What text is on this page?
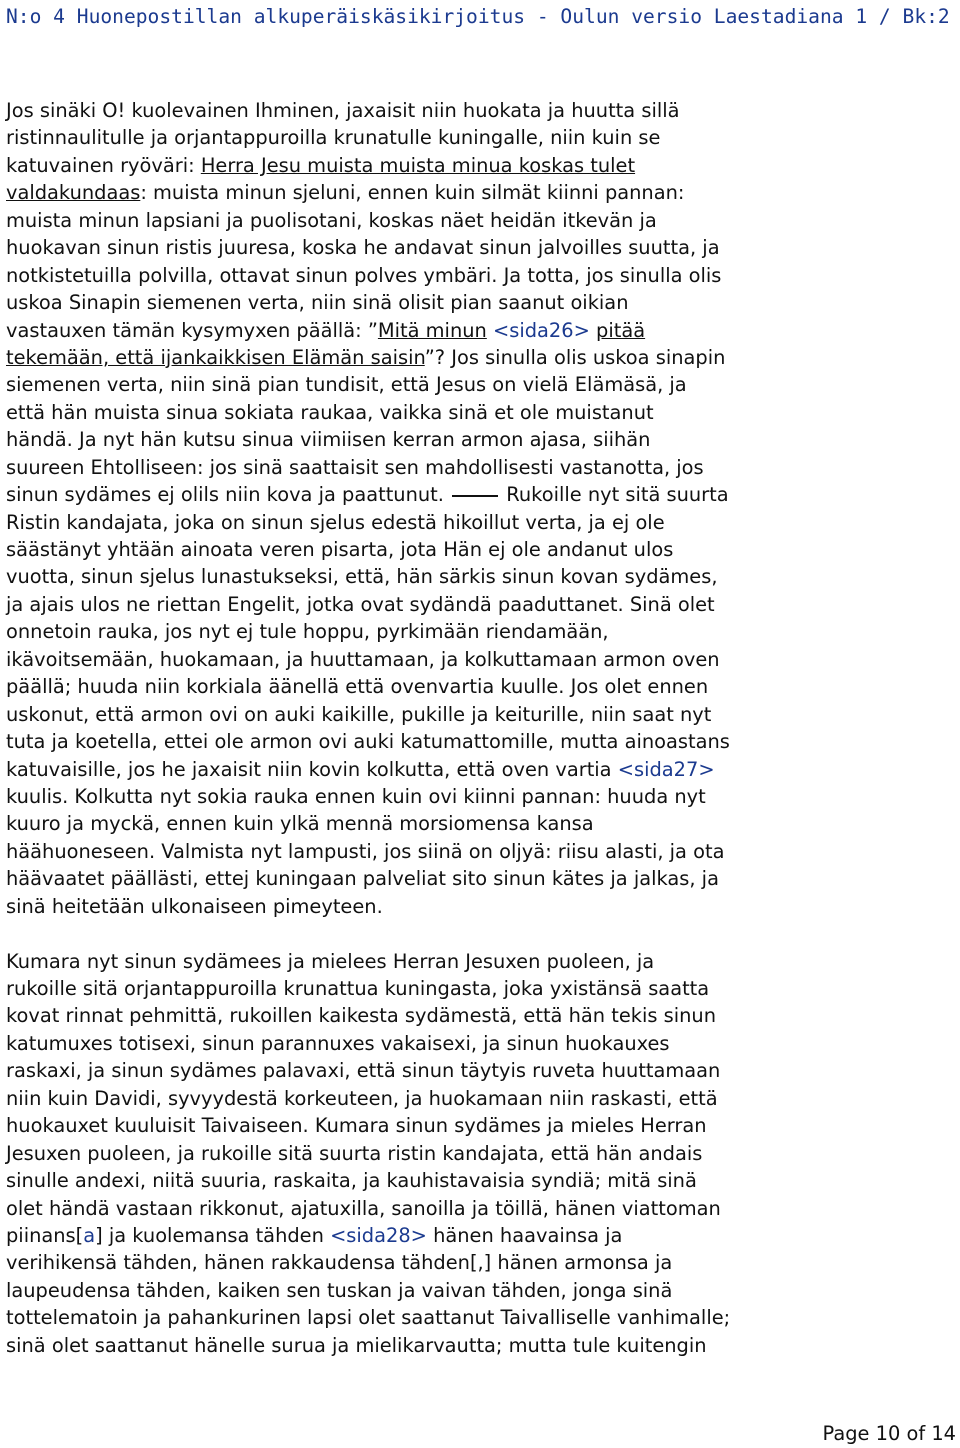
N:o 4 Huonepostillan alkuperäiskäsikirjoitus - Oulun versio Laestadiana 1 / Bk:2
Jos sinäki O! kuolevainen Ihminen, jaxaisit niin huokata ja huutta sillä
ristinnaulitulle ja orjantappuroilla krunatulle kuningalle, niin kuin se
katuvainen ryövärі: Herra Jesu muista muista minua koskas tulet
valdakundaas: muista minun sjeluni, ennen kuin silmät kiinni pannan:
muista minun lapsiani ja puolisotani, koskas näet heidän itkevän ja
huokavan sinun ristis juuresa, koska he andavat sinun jalvoilles suutta, ja
notkistetuilla polvilla, ottavat sinun polves ymbäri. Ja totta, jos sinulla olis
uskoa Sinapin siemenen verta, niin sinä olisit pian saanut oikian
vastauxen tämän kysymyxen päällä: ”Mitä minun <sida26> pitää
tekemään, että ijankaikkisen Elämän saisin”? Jos sinulla olis uskoa sinapin
siemenen verta, niin sinä pian tundisit, että Jesus on vielä Elämäsä, ja
että hän muista sinua sokiata raukaa, vaikka sinä et ole muistanut
händä. Ja nyt hän kutsu sinua viimiisen kerran armon ajasa, siihän
suureen Ehtolliseen: jos sinä saattaisit sen mahdollisesti vastanotta, jos
sinun sydämes ej olils niin kova ja paattunut.	Rukoille nyt sitä suurta
Ristin kandajata, joka on sinun sjelus edestä hikoillut verta, ja ej ole
säästänyt yhtään ainoata veren pisarta, jota Hän ej ole andanut ulos
vuotta, sinun sjelus lunastukseksi, että, hän särkis sinun kovan sydämes,
ja ajais ulos ne riettan Engelit, jotka ovat sydändä paaduttanet. Sinä olet
onnetoin rauka, jos nyt ej tule hoppu, pyrkimään riendamään,
ikävoitsemään, huokamaan, ja huuttamaan, ja kolkuttamaan armon oven
päällä; huuda niin korkiala äänellä että ovenvartia kuulle. Jos olet ennen
uskonut, että armon ovi on auki kaikille, pukille ja keiturille, niin saat nyt
tuta ja koetella, ettei ole armon ovi auki katumattomille, mutta ainoastans
katuvaisille, jos he jaxaisit niin kovin kolkutta, että oven vartia <sida27>
kuulis. Kolkutta nyt sokia rauka ennen kuin ovi kiinni pannan: huuda nyt
kuuro ja myckä, ennen kuin ylkä mennä morsiomensa kansa
häähuoneseen. Valmista nyt lampusti, jos siinä on oljyä: riisu alasti, ja ota
häävaatet päällästi, ettej kuningaan palveliat sito sinun kätes ja jalkas, ja
sinä heitetään ulkonaiseen pimeyteen.
Kumara nyt sinun sydämees ja mielees Herran Jesuxen puoleen, ja
rukoille sitä orjantappuroilla krunattua kuningasta, joka yxistänsä saatta
kovat rinnat pehmittä, rukoillen kaikesta sydämestä, että hän tekis sinun
katumuxes totisexi, sinun parannuxes vakaisexi, ja sinun huokauxes
raskaxi, ja sinun sydämes palavaxi, että sinun täytyis ruveta huuttamaan
niin kuin Davidi, syvyydestä korkeuteen, ja huokamaan niin raskasti, että
huokauxet kuuluisit Taivaiseen. Kumara sinun sydämes ja mieles Herran
Jesuxen puoleen, ja rukoille sitä suurta ristin kandajata, että hän andais
sinulle andexi, niitä suuria, raskaita, ja kauhistavaisia syndiä; mitä sinä
olet händä vastaan rikkonut, ajatuxilla, sanoilla ja töillä, hänen viattoman
piinans[a] ja kuolemansa tähden <sida28> hänen haavainsa ja
verihikensä tähden, hänen rakkaudensa tähden[,] hänen armonsa ja
laupeudensa tähden, kaiken sen tuskan ja vaivan tähden, jonga sinä
tottelematoin ja pahankurinen lapsi olet saattanut Taivalliselle vanhimalle;
sinä olet saattanut hänelle surua ja mielikarvautta; mutta tule kuitengin
Page 10 of 14
